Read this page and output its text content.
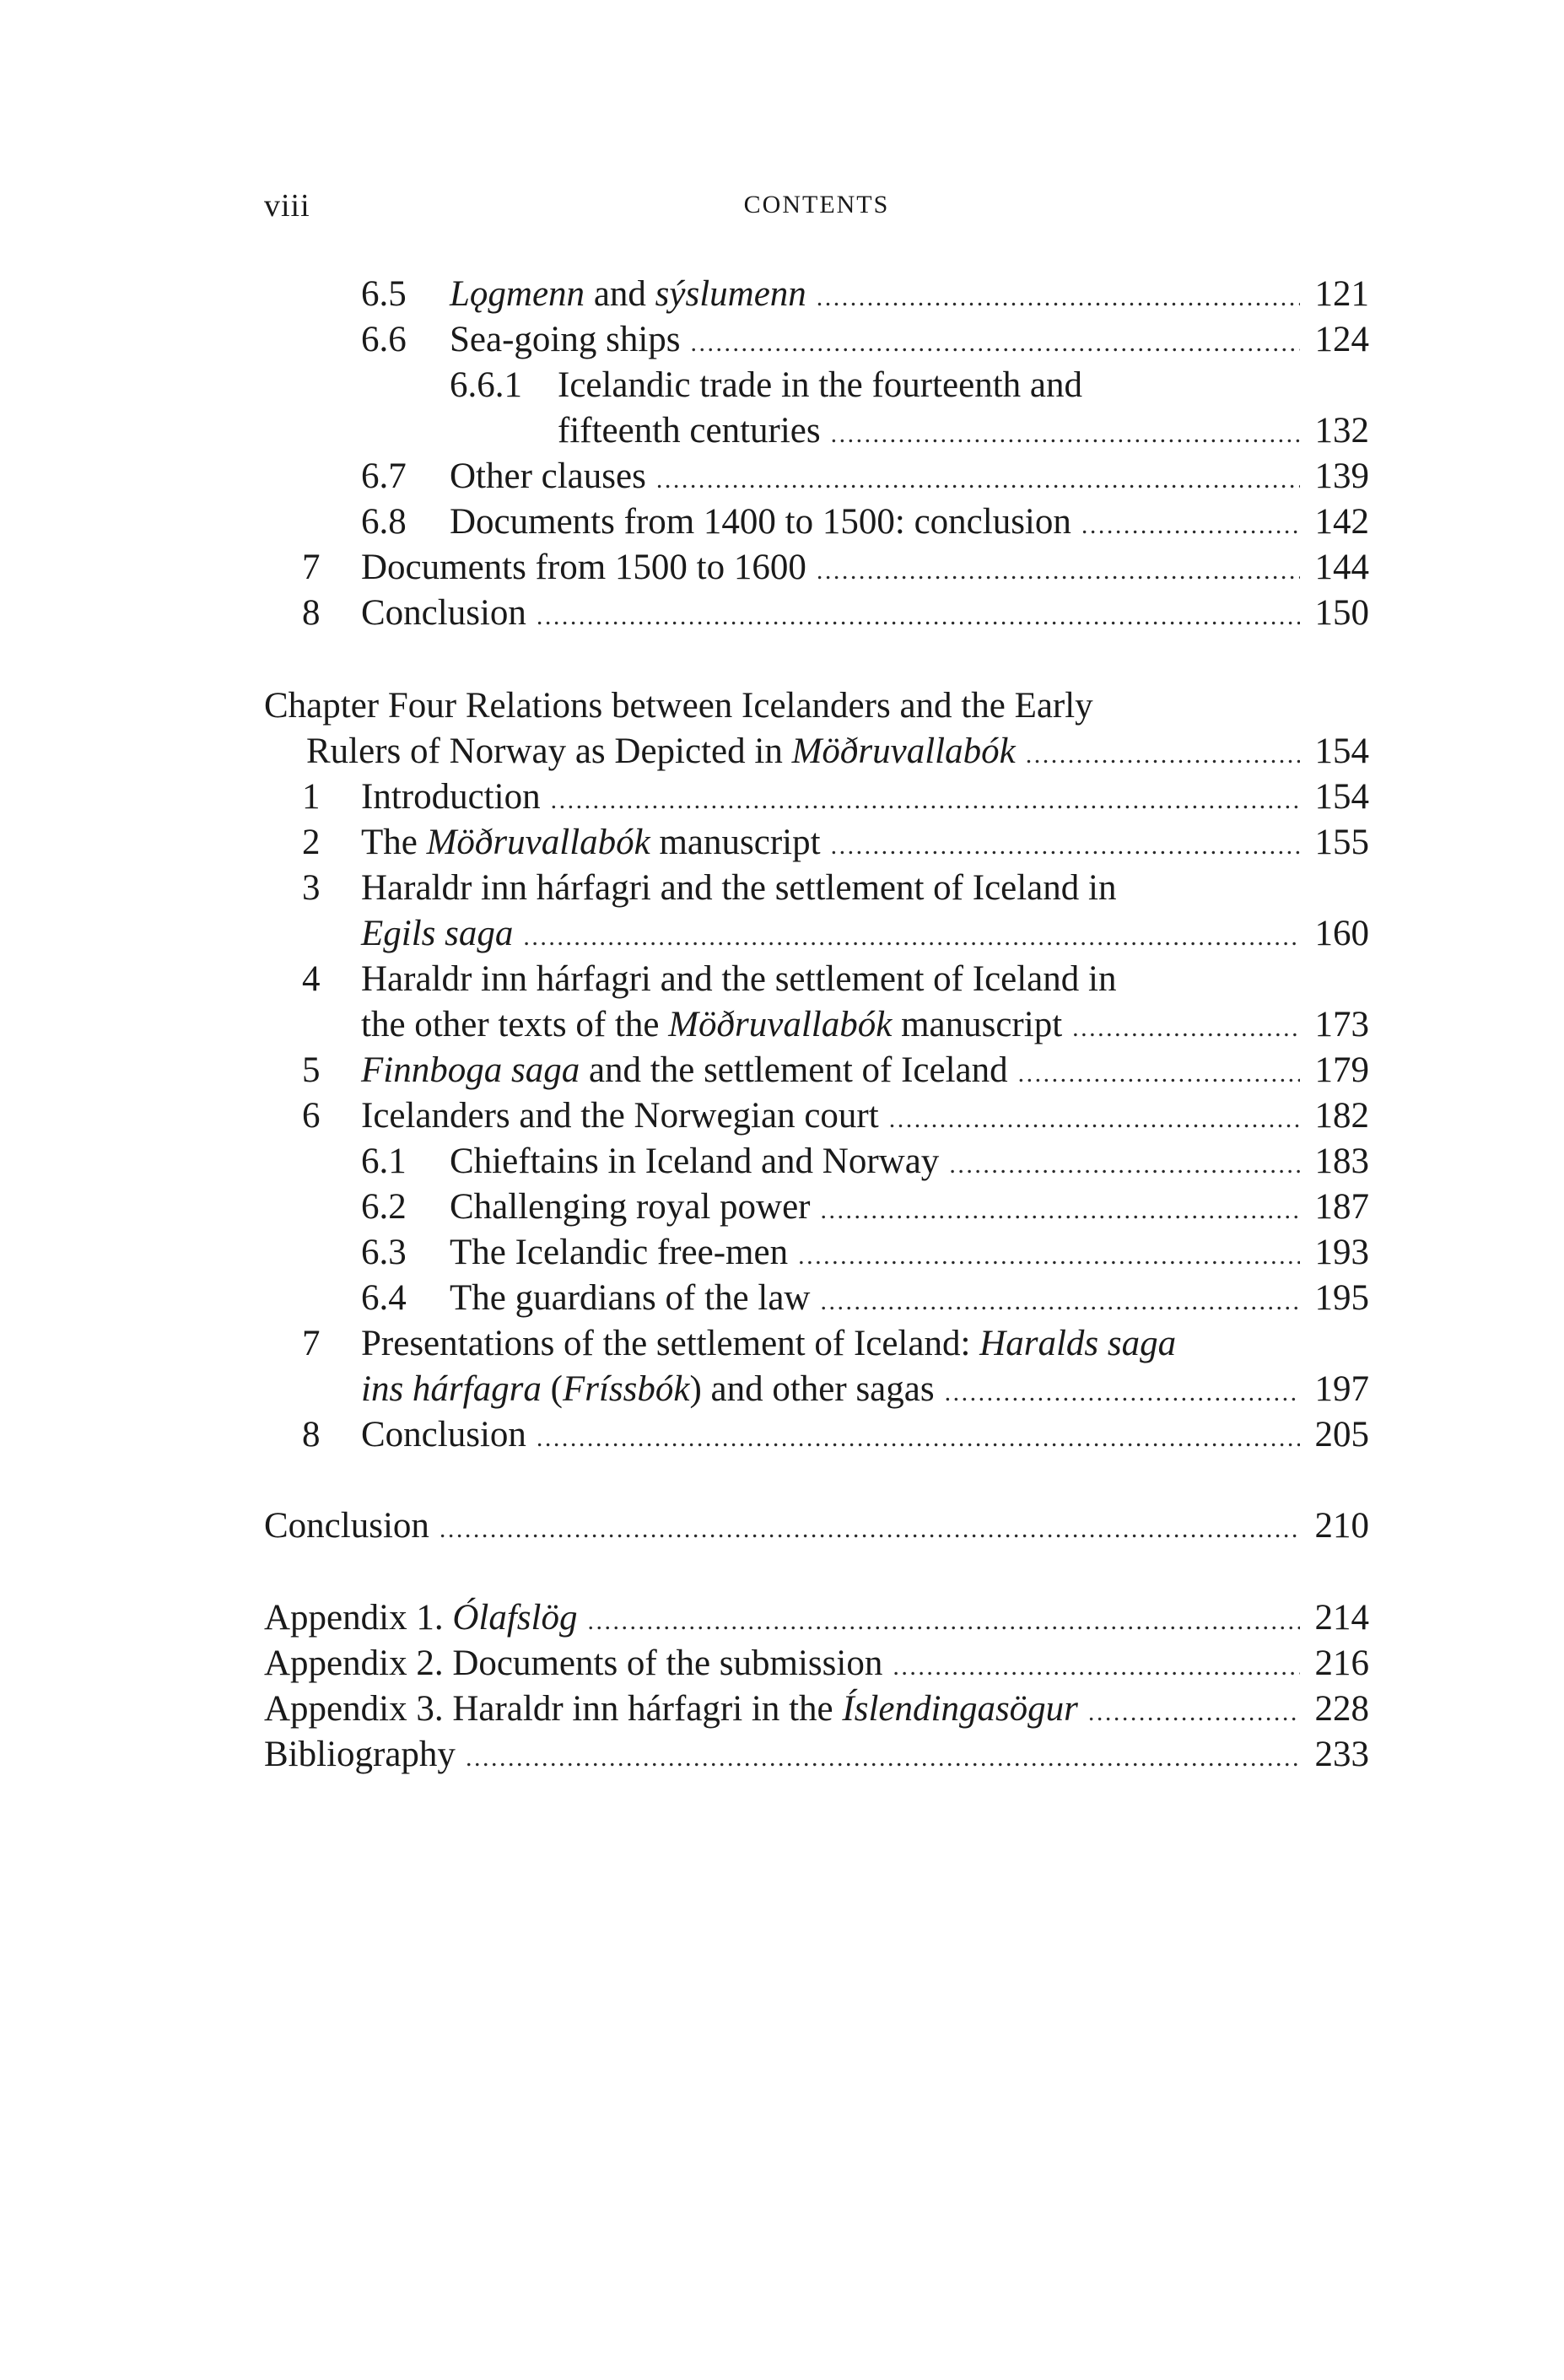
viii	CONTENTS
6.5 Lǫgmenn and sýslumenn .....	121
6.6 Sea-going ships .....	124
6.6.1 Icelandic trade in the fourteenth and
fifteenth centuries .....	132
6.7 Other clauses .....	139
6.8 Documents from 1400 to 1500: conclusion .....	142
7 Documents from 1500 to 1600 .....	144
8 Conclusion .....	150
Chapter Four Relations between Icelanders and the Early
Rulers of Norway as Depicted in Möðruvallabók .....	154
1 Introduction .....	154
2 The Möðruvallabók manuscript .....	155
3 Haraldr inn hárfagri and the settlement of Iceland in
Egils saga .....	160
4 Haraldr inn hárfagri and the settlement of Iceland in
the other texts of the Möðruvallabók manuscript .....	173
5 Finnboga saga and the settlement of Iceland .....	179
6 Icelanders and the Norwegian court .....	182
6.1 Chieftains in Iceland and Norway .....	183
6.2 Challenging royal power .....	187
6.3 The Icelandic free-men .....	193
6.4 The guardians of the law .....	195
7 Presentations of the settlement of Iceland: Haralds saga
ins hárfagra (Fríssbók) and other sagas .....	197
8 Conclusion .....	205
Conclusion .....	210
Appendix 1. Ólafslög .....	214
Appendix 2. Documents of the submission .....	216
Appendix 3. Haraldr inn hárfagri in the Íslendingasögur .....	228
Bibliography .....	233
